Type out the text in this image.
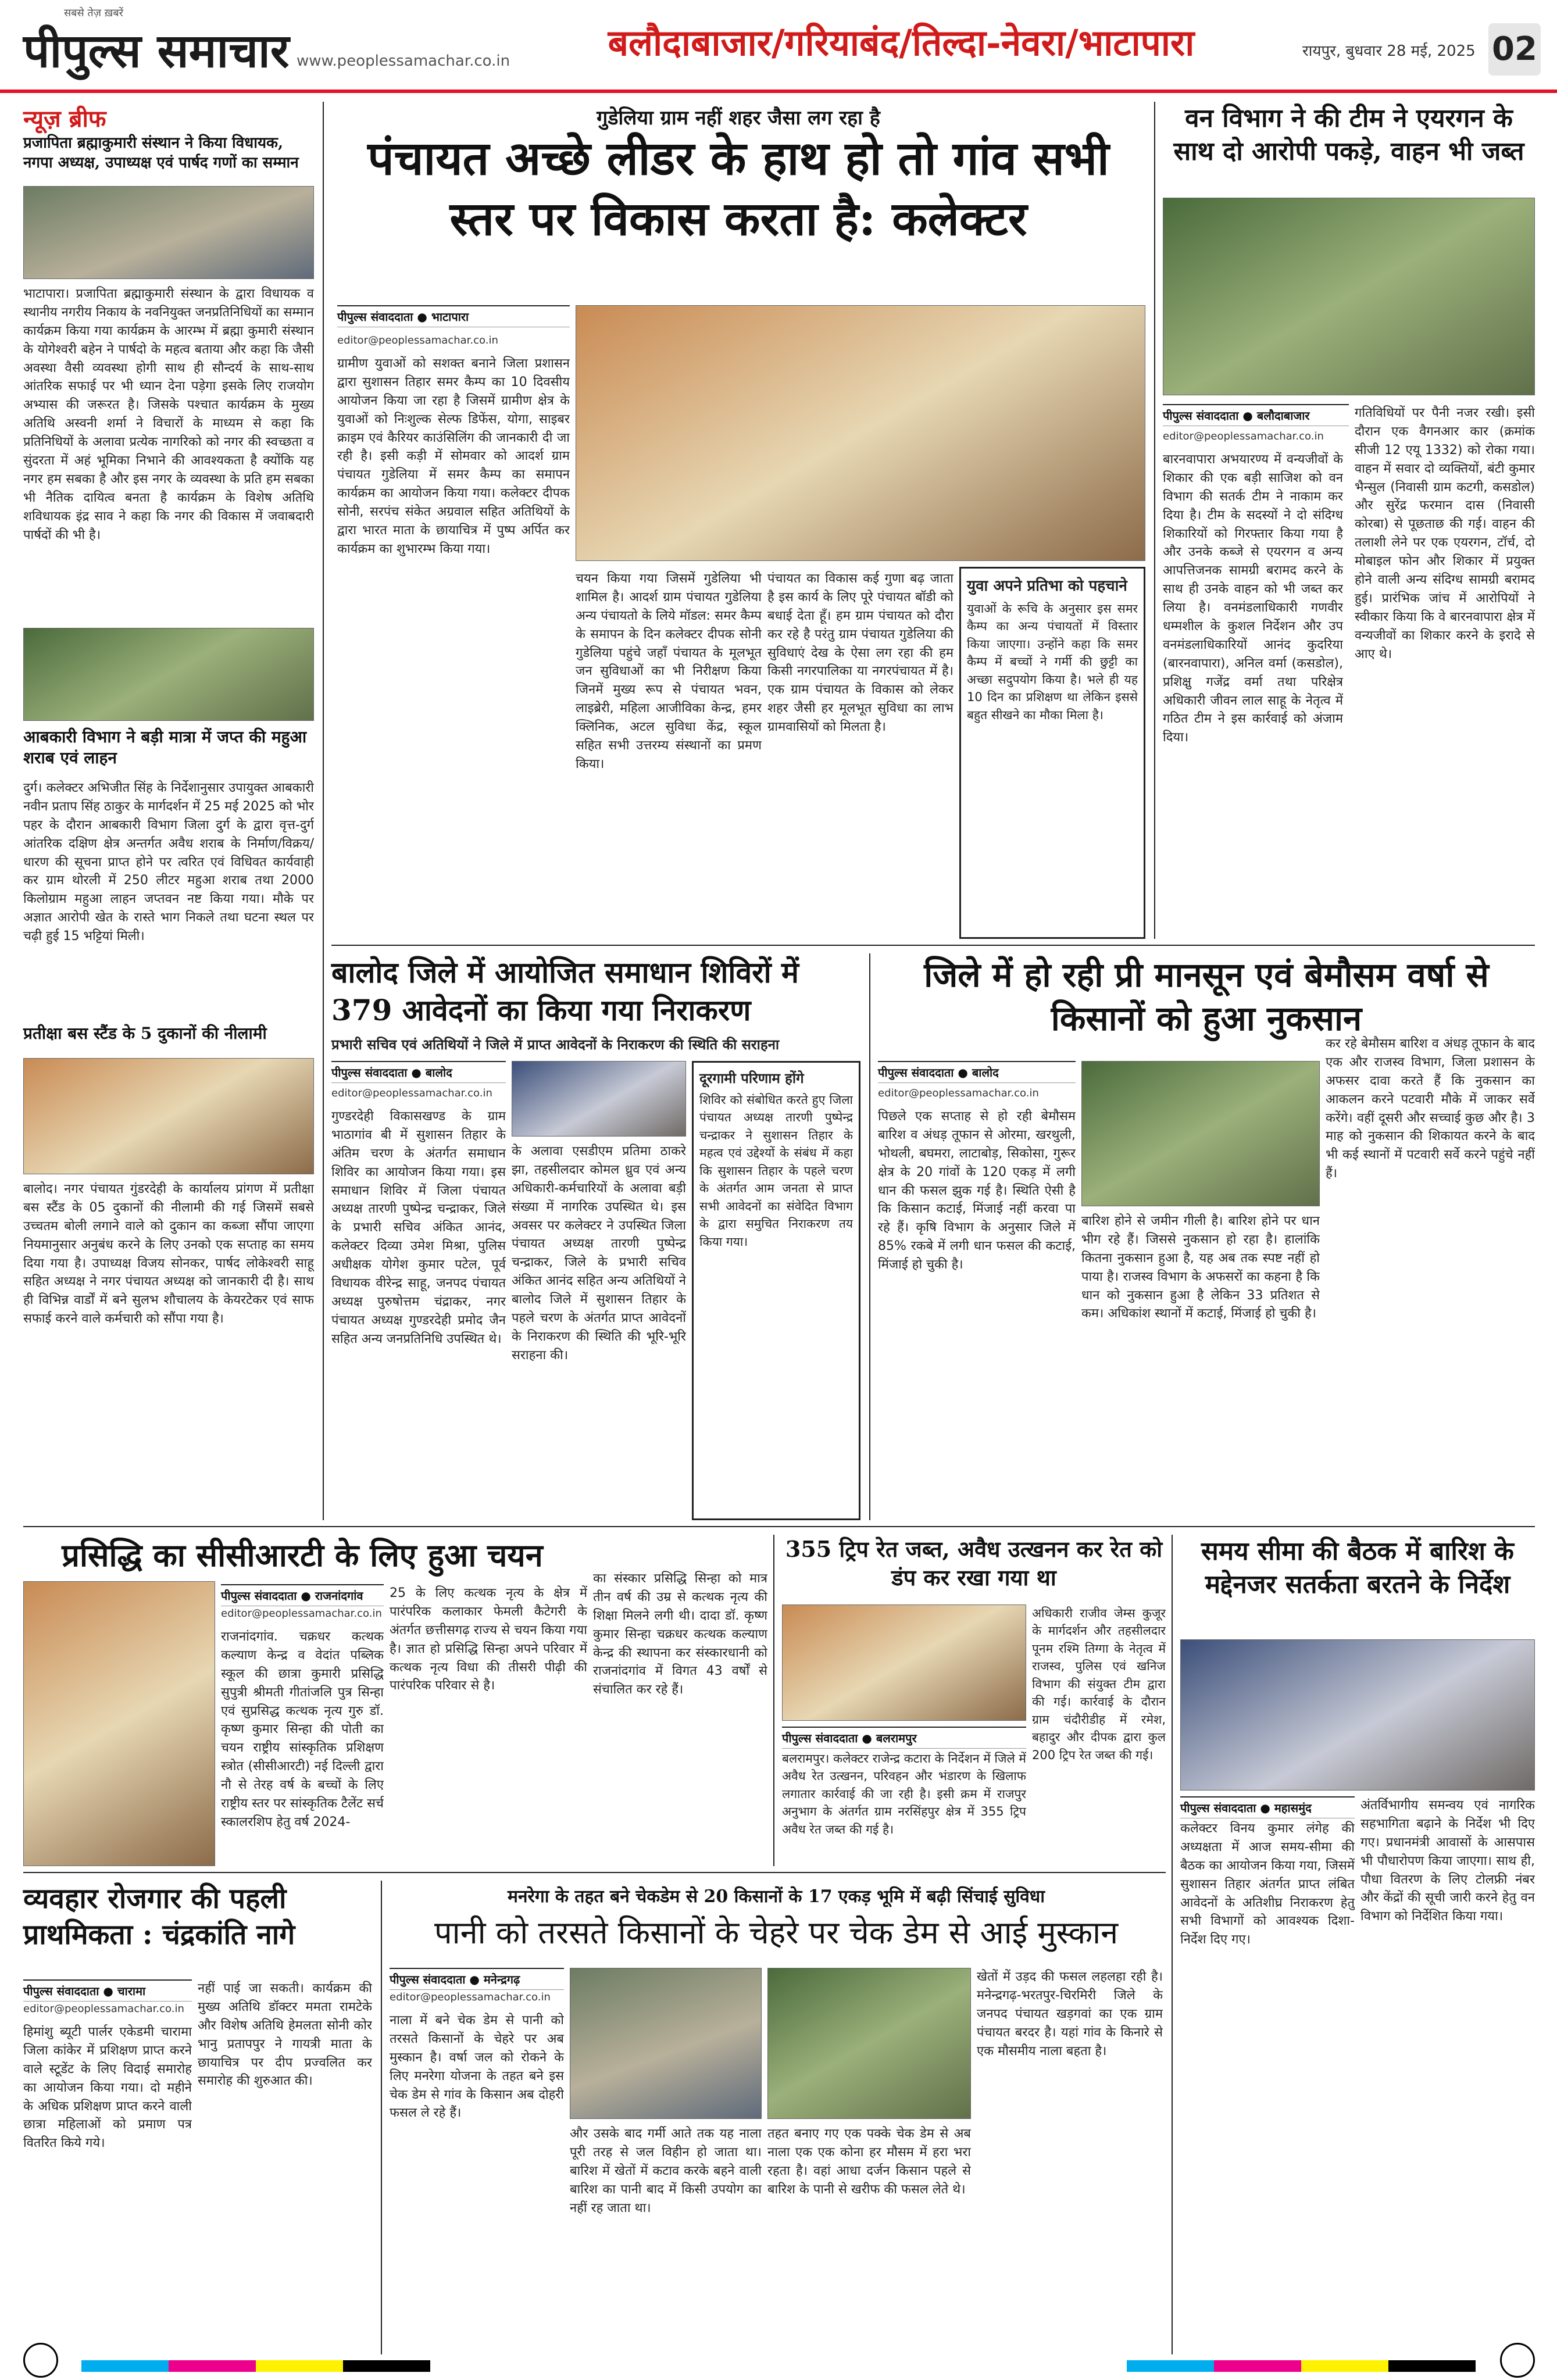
सबसे तेज़ ख़बरें
पीपुल्स समाचार www.peoplessamachar.co.in	बलौदाबाजार/गरियाबंद/तिल्दा-नेवरा/भाटापारा	रायपुर, बुधवार 28 मई, 2025 02
न्यूज़ ब्रीफ
प्रजापिता ब्रह्माकुमारी संस्थान ने किया विधायक, नगपा अध्यक्ष, उपाध्यक्ष एवं पार्षद गणों का सम्मान
भाटापारा। प्रजापिता ब्रह्माकुमारी संस्थान के द्वारा विधायक व स्थानीय नगरीय निकाय के नवनियुक्त जनप्रतिनिधियों का सम्मान कार्यक्रम किया गया कार्यक्रम के आरम्भ में ब्रह्मा कुमारी संस्थान के योगेश्वरी बहेन ने पार्षदो के महत्व बताया और कहा कि जैसी अवस्था वैसी व्यवस्था होगी साथ ही सौन्दर्य के साथ-साथ आंतरिक सफाई पर भी ध्यान देना पड़ेगा इसके लिए राजयोग अभ्यास की जरूरत है। जिसके पश्चात कार्यक्रम के मुख्य अतिथि अस्वनी शर्मा ने विचारों के माध्यम से कहा कि प्रतिनिधियों के अलावा प्रत्येक नागरिको को नगर की स्वच्छता व सुंदरता में अहं भूमिका निभाने की आवश्यकता है क्योंकि यह नगर हम सबका है और इस नगर के व्यवस्था के प्रति हम सबका भी नैतिक दायित्व बनता है कार्यक्रम के विशेष अतिथि शविधायक इंद्र साव ने कहा कि नगर की विकास में जवाबदारी पार्षदों की भी है।
आबकारी विभाग ने बड़ी मात्रा में जप्त की महुआ शराब एवं लाहन
दुर्ग। कलेक्टर अभिजीत सिंह के निर्देशानुसार उपायुक्त आबकारी नवीन प्रताप सिंह ठाकुर के मार्गदर्शन में 25 मई 2025 को भोर पहर के दौरान आबकारी विभाग जिला दुर्ग के द्वारा वृत्त-दुर्ग आंतरिक दक्षिण क्षेत्र अन्तर्गत अवैध शराब के निर्माण/विक्रय/धारण की सूचना प्राप्त होने पर त्वरित एवं विधिवत कार्यवाही कर ग्राम थोरली में 250 लीटर महुआ शराब तथा 2000 किलोग्राम महुआ लाहन जप्तवन नष्ट किया गया। मौके पर अज्ञात आरोपी खेत के रास्ते भाग निकले तथा घटना स्थल पर चढ़ी हुई 15 भट्टियां मिली।
प्रतीक्षा बस स्टैंड के 5 दुकानों की नीलामी
बालोद। नगर पंचायत गुंडरदेही के कार्यालय प्रांगण में प्रतीक्षा बस स्टैंड के 05 दुकानों की नीलामी की गई जिसमें सबसे उच्चतम बोली लगाने वाले को दुकान का कब्जा सौंपा जाएगा नियमानुसार अनुबंध करने के लिए उनको एक सप्ताह का समय दिया गया है। उपाध्यक्ष विजय सोनकर, पार्षद लोकेश्वरी साहू सहित अध्यक्ष ने नगर पंचायत अध्यक्ष को जानकारी दी है। साथ ही विभिन्न वार्डों में बने सुलभ शौचालय के केयरटेकर एवं साफ सफाई करने वाले कर्मचारी को सौंपा गया है।
गुडेलिया ग्राम नहीं शहर जैसा लग रहा है
पंचायत अच्छे लीडर के हाथ हो तो गांव सभी स्तर पर विकास करता है: कलेक्टर
पीपुल्स संवाददाता ● भाटापारा
editor@peoplessamachar.co.in
ग्रामीण युवाओं को सशक्त बनाने जिला प्रशासन द्वारा सुशासन तिहार समर कैम्प का 10 दिवसीय आयोजन किया जा रहा है जिसमें ग्रामीण क्षेत्र के युवाओं को निःशुल्क सेल्फ डिफेंस, योगा, साइबर क्राइम एवं कैरियर काउंसिलिंग की जानकारी दी जा रही है। इसी कड़ी में सोमवार को आदर्श ग्राम पंचायत गुडेलिया में समर कैम्प का समापन कार्यक्रम का आयोजन किया गया। कलेक्टर दीपक सोनी, सरपंच संकेत अग्रवाल सहित अतिथियों के द्वारा भारत माता के छायाचित्र में पुष्प अर्पित कर कार्यक्रम का शुभारम्भ किया गया।
चयन किया गया जिसमें गुडेलिया भी शामिल है। आदर्श ग्राम पंचायत गुडेलिया अन्य पंचायतो के लिये मॉडल: समर कैम्प के समापन के दिन कलेक्टर दीपक सोनी गुडेलिया पहुंचे जहाँ पंचायत के मूलभूत जन सुविधाओं का भी निरीक्षण किया जिनमें मुख्य रूप से पंचायत भवन, लाइब्रेरी, महिला आजीविका केन्द्र, हमर क्लिनिक, अटल सुविधा केंद्र, स्कूल सहित सभी उत्तरम्य संस्थानों का प्रमण किया।
पंचायत का विकास कई गुणा बढ़ जाता है इस कार्य के लिए पूरे पंचायत बॉडी को बधाई देता हूँ। हम ग्राम पंचायत को दौरा कर रहे है परंतु ग्राम पंचायत गुडेलिया की सुविधाएं देख के ऐसा लग रहा की हम किसी नगरपालिका या नगरपंचायत में है। एक ग्राम पंचायत के विकास को लेकर शहर जैसी हर मूलभूत सुविधा का लाभ ग्रामवासियों को मिलता है।
युवा अपने प्रतिभा को पहचाने
युवाओं के रूचि के अनुसार इस समर कैम्प का अन्य पंचायतों में विस्तार किया जाएगा। उन्होंने कहा कि समर कैम्प में बच्चों ने गर्मी की छुट्टी का अच्छा सदुपयोग किया है। भले ही यह 10 दिन का प्रशिक्षण था लेकिन इससे बहुत सीखने का मौका मिला है।
वन विभाग ने की टीम ने एयरगन के साथ दो आरोपी पकड़े, वाहन भी जब्त
पीपुल्स संवाददाता ● बलौदाबाजार
editor@peoplessamachar.co.in
बारनवापारा अभयारण्य में वन्यजीवों के शिकार की एक बड़ी साजिश को वन विभाग की सतर्क टीम ने नाकाम कर दिया है। टीम के सदस्यों ने दो संदिग्ध शिकारियों को गिरफ्तार किया गया है और उनके कब्जे से एयरगन व अन्य आपत्तिजनक सामग्री बरामद करने के साथ ही उनके वाहन को भी जब्त कर लिया है। वनमंडलाधिकारी गणवीर धम्मशील के कुशल निर्देशन और उप वनमंडलाधिकारियों आनंद कुदरिया (बारनवापारा), अनिल वर्मा (कसडोल), प्रशिक्षु गजेंद्र वर्मा तथा परिक्षेत्र अधिकारी जीवन लाल साहू के नेतृत्व में गठित टीम ने इस कार्रवाई को अंजाम दिया।
गतिविधियों पर पैनी नजर रखी। इसी दौरान एक वैगनआर कार (क्रमांक सीजी 12 एयू 1332) को रोका गया। वाहन में सवार दो व्यक्तियों, बंटी कुमार भैन्सुल (निवासी ग्राम कटगी, कसडोल) और सुरेंद्र फरमान दास (निवासी कोरबा) से पूछताछ की गई। वाहन की तलाशी लेने पर एक एयरगन, टॉर्च, दो मोबाइल फोन और शिकार में प्रयुक्त होने वाली अन्य संदिग्ध सामग्री बरामद हुई। प्रारंभिक जांच में आरोपियों ने स्वीकार किया कि वे बारनवापारा क्षेत्र में वन्यजीवों का शिकार करने के इरादे से आए थे।
बालोद जिले में आयोजित समाधान शिविरों में 379 आवेदनों का किया गया निराकरण
प्रभारी सचिव एवं अतिथियों ने जिले में प्राप्त आवेदनों के निराकरण की स्थिति की सराहना
पीपुल्स संवाददाता ● बालोद
editor@peoplessamachar.co.in
गुण्डरदेही विकासखण्ड के ग्राम भाठागांव बी में सुशासन तिहार के अंतिम चरण के अंतर्गत समाधान शिविर का आयोजन किया गया। इस समाधान शिविर में जिला पंचायत अध्यक्ष तारणी पुष्पेन्द्र चन्द्राकर, जिले के प्रभारी सचिव अंकित आनंद, कलेक्टर दिव्या उमेश मिश्रा, पुलिस अधीक्षक योगेश कुमार पटेल, पूर्व विधायक वीरेन्द्र साहू, जनपद पंचायत अध्यक्ष पुरुषोत्तम चंद्राकर, नगर पंचायत अध्यक्ष गुण्डरदेही प्रमोद जैन सहित अन्य जनप्रतिनिधि उपस्थित थे।
के अलावा एसडीएम प्रतिमा ठाकरे झा, तहसीलदार कोमल ध्रुव एवं अन्य अधिकारी-कर्मचारियों के अलावा बड़ी संख्या में नागरिक उपस्थित थे। इस अवसर पर कलेक्टर ने उपस्थित जिला पंचायत अध्यक्ष तारणी पुष्पेन्द्र चन्द्राकर, जिले के प्रभारी सचिव अंकित आनंद सहित अन्य अतिथियों ने बालोद जिले में सुशासन तिहार के पहले चरण के अंतर्गत प्राप्त आवेदनों के निराकरण की स्थिति की भूरि-भूरि सराहना की।
दूरगामी परिणाम होंगे
शिविर को संबोधित करते हुए जिला पंचायत अध्यक्ष तारणी पुष्पेन्द्र चन्द्राकर ने सुशासन तिहार के महत्व एवं उद्देश्यों के संबंध में कहा कि सुशासन तिहार के पहले चरण के अंतर्गत आम जनता से प्राप्त सभी आवेदनों का संवेदित विभाग के द्वारा समुचित निराकरण तय किया गया।
जिले में हो रही प्री मानसून एवं बेमौसम वर्षा से किसानों को हुआ नुकसान
पीपुल्स संवाददाता ● बालोद
editor@peoplessamachar.co.in
पिछले एक सप्ताह से हो रही बेमौसम बारिश व अंधड़ तूफान से ओरमा, खरथुली, भोथली, बघमरा, लाटाबोड़, सिकोसा, गुरूर क्षेत्र के 20 गांवों के 120 एकड़ में लगी धान की फसल झुक गई है। स्थिति ऐसी है कि किसान कटाई, मिंजाई नहीं करवा पा रहे हैं। कृषि विभाग के अनुसार जिले में 85% रकबे में लगी धान फसल की कटाई, मिंजाई हो चुकी है।
बारिश होने से जमीन गीली है। बारिश होने पर धान भीग रहे हैं। जिससे नुकसान हो रहा है। हालांकि कितना नुकसान हुआ है, यह अब तक स्पष्ट नहीं हो पाया है। राजस्व विभाग के अफसरों का कहना है कि धान को नुकसान हुआ है लेकिन 33 प्रतिशत से कम। अधिकांश स्थानों में कटाई, मिंजाई हो चुकी है।
कर रहे बेमौसम बारिश व अंधड़ तूफान के बाद एक और राजस्व विभाग, जिला प्रशासन के अफसर दावा करते हैं कि नुकसान का आकलन करने पटवारी मौके में जाकर सर्वे करेंगे। वहीं दूसरी और सच्चाई कुछ और है। 3 माह को नुकसान की शिकायत करने के बाद भी कई स्थानों में पटवारी सर्वे करने पहुंचे नहीं हैं।
प्रसिद्धि का सीसीआरटी के लिए हुआ चयन
पीपुल्स संवाददाता ● राजनांदगांव
editor@peoplessamachar.co.in
राजनांदगांव. चक्रधर कत्थक कल्याण केन्द्र व वेदांत पब्लिक स्कूल की छात्रा कुमारी प्रसिद्धि सुपुत्री श्रीमती गीतांजलि पुत्र सिन्हा एवं सुप्रसिद्ध कत्थक नृत्य गुरु डॉ. कृष्ण कुमार सिन्हा की पोती का चयन राष्ट्रीय सांस्कृतिक प्रशिक्षण स्त्रोत (सीसीआरटी) नई दिल्ली द्वारा नौ से तेरह वर्ष के बच्चों के लिए राष्ट्रीय स्तर पर सांस्कृतिक टैलेंट सर्च स्कालरशिप हेतु वर्ष 2024-
25 के लिए कत्थक नृत्य के क्षेत्र में पारंपरिक कलाकार फेमली कैटेगरी के अंतर्गत छत्तीसगढ़ राज्य से चयन किया गया है। ज्ञात हो प्रसिद्धि सिन्हा अपने परिवार में कत्थक नृत्य विधा की तीसरी पीढ़ी की पारंपरिक परिवार से है।
का संस्कार प्रसिद्धि सिन्हा को मात्र तीन वर्ष की उम्र से कत्थक नृत्य की शिक्षा मिलने लगी थी। दादा डॉ. कृष्ण कुमार सिन्हा चक्रधर कत्थक कल्याण केन्द्र की स्थापना कर संस्कारधानी को राजनांदगांव में विगत 43 वर्षों से संचालित कर रहे हैं।
355 ट्रिप रेत जब्त, अवैध उत्खनन कर रेत को डंप कर रखा गया था
पीपुल्स संवाददाता ● बलरामपुर
बलरामपुर। कलेक्टर राजेन्द्र कटारा के निर्देशन में जिले में अवैध रेत उत्खनन, परिवहन और भंडारण के खिलाफ लगातार कार्रवाई की जा रही है। इसी क्रम में राजपुर अनुभाग के अंतर्गत ग्राम नरसिंहपुर क्षेत्र में 355 ट्रिप अवैध रेत जब्त की गई है।
अधिकारी राजीव जेम्स कुजूर के मार्गदर्शन और तहसीलदार पूनम रश्मि तिग्गा के नेतृत्व में राजस्व, पुलिस एवं खनिज विभाग की संयुक्त टीम द्वारा की गई। कार्रवाई के दौरान ग्राम चंदौरीडीह में रमेश, बहादुर और दीपक द्वारा कुल 200 ट्रिप रेत जब्त की गई।
समय सीमा की बैठक में बारिश के मद्देनजर सतर्कता बरतने के निर्देश
पीपुल्स संवाददाता ● महासमुंद
कलेक्टर विनय कुमार लंगेह की अध्यक्षता में आज समय-सीमा की बैठक का आयोजन किया गया, जिसमें सुशासन तिहार अंतर्गत प्राप्त लंबित आवेदनों के अतिशीघ्र निराकरण हेतु सभी विभागों को आवश्यक दिशा-निर्देश दिए गए।
अंतर्विभागीय समन्वय एवं नागरिक सहभागिता बढ़ाने के निर्देश भी दिए गए। प्रधानमंत्री आवासों के आसपास भी पौधारोपण किया जाएगा। साथ ही, पौधा वितरण के लिए टोलफ्री नंबर और केंद्रों की सूची जारी करने हेतु वन विभाग को निर्देशित किया गया।
व्यवहार रोजगार की पहली प्राथमिकता : चंद्रकांति नागे
पीपुल्स संवाददाता ● चारामा
editor@peoplessamachar.co.in
हिमांशु ब्यूटी पार्लर एकेडमी चारामा जिला कांकेर में प्रशिक्षण प्राप्त करने वाले स्टूडेंट के लिए विदाई समारोह का आयोजन किया गया। दो महीने के अधिक प्रशिक्षण प्राप्त करने वाली छात्रा महिलाओं को प्रमाण पत्र वितरित किये गये।
नहीं पाई जा सकती। कार्यक्रम की मुख्य अतिथि डॉक्टर ममता रामटेके और विशेष अतिथि हेमलता सोनी कोर भानु प्रतापपुर ने गायत्री माता के छायाचित्र पर दीप प्रज्वलित कर समारोह की शुरुआत की।
मनरेगा के तहत बने चेकडेम से 20 किसानों के 17 एकड़ भूमि में बढ़ी सिंचाई सुविधा
पानी को तरसते किसानों के चेहरे पर चेक डेम से आई मुस्कान
पीपुल्स संवाददाता ● मनेन्द्रगढ़
editor@peoplessamachar.co.in
नाला में बने चेक डेम से पानी को तरसते किसानों के चेहरे पर अब मुस्कान है। वर्षा जल को रोकने के लिए मनरेगा योजना के तहत बने इस चेक डेम से गांव के किसान अब दोहरी फसल ले रहे हैं।
और उसके बाद गर्मी आते तक यह नाला पूरी तरह से जल विहीन हो जाता था। बारिश में खेतों में कटाव करके बहने वाली बारिश का पानी बाद में किसी उपयोग का नहीं रह जाता था।
तहत बनाए गए एक पक्के चेक डेम से अब नाला एक एक कोना हर मौसम में हरा भरा रहता है। वहां आधा दर्जन किसान पहले से बारिश के पानी से खरीफ की फसल लेते थे।
खेतों में उड़द की फसल लहलहा रही है। मनेन्द्रगढ़-भरतपुर-चिरमिरी जिले के जनपद पंचायत खड़गवां का एक ग्राम पंचायत बरदर है। यहां गांव के किनारे से एक मौसमीय नाला बहता है।
